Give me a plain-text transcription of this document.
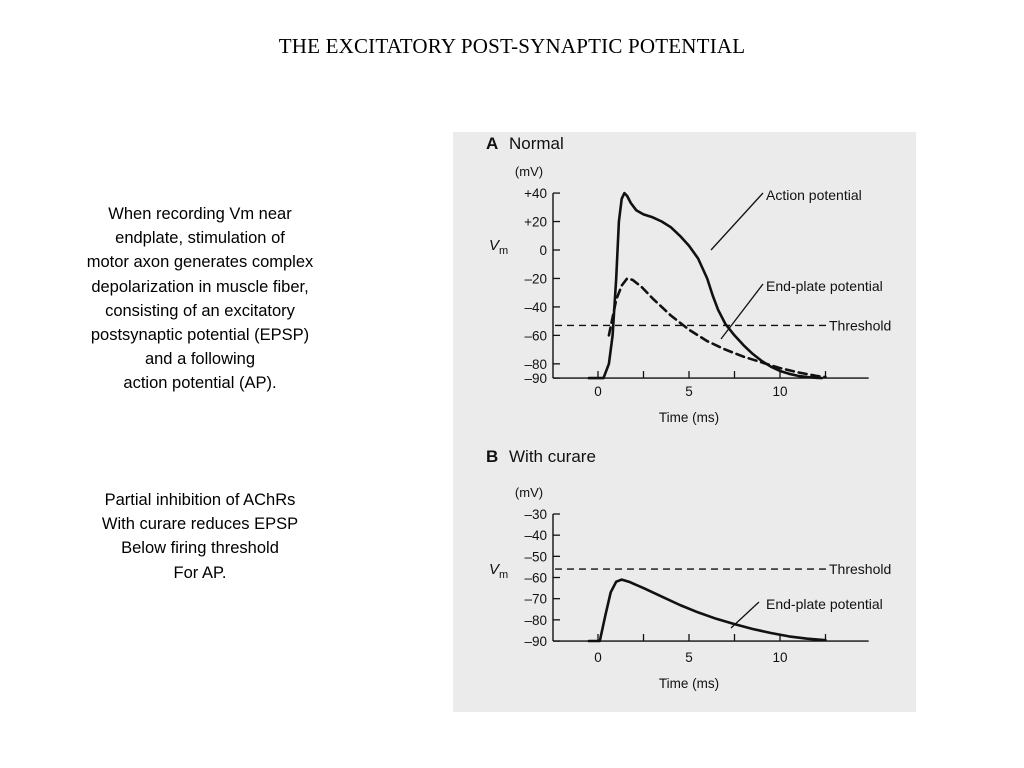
THE EXCITATORY POST-SYNAPTIC POTENTIAL
When recording Vm near
endplate, stimulation of
motor axon generates complex
depolarization in muscle fiber,
consisting of an excitatory
postsynaptic potential (EPSP)
and a following
action potential (AP).
Partial inhibition of AChRs
With curare reduces EPSP
Below firing threshold
For AP.
A Normal
(mV)
$V_m$
+40
+20
0
–20
–40
–60
–80
–90
0	5	10
Time (ms)
Threshold
Action potential
End-plate potential
B With curare
(mV)
$V_m$
–30
–40
–50
–60
–70
–80
–90
0	5	10
Time (ms)
Threshold
End-plate potential
